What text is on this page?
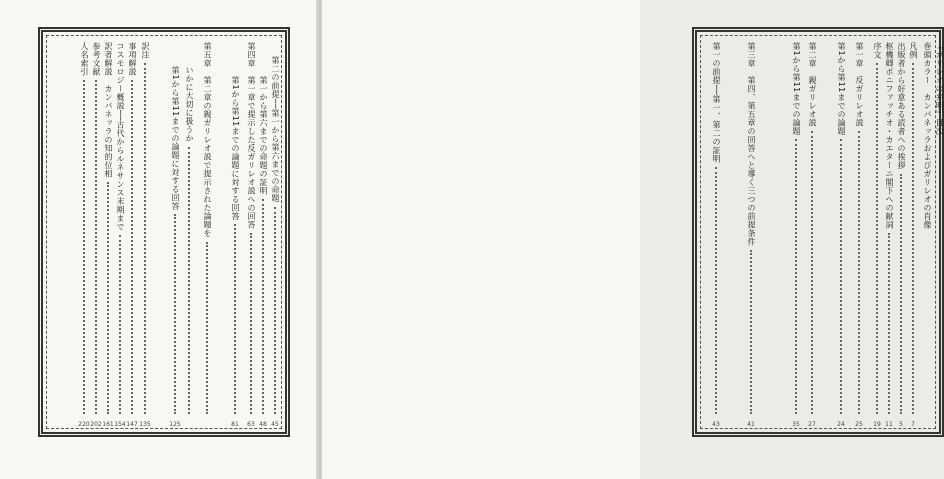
第二の前提──第一から第六までの命題
45
第一から第六までの命題の証明
48
第四章　第一章で提示した反ガリレオ説への回答
63
第1から第11までの論題に対する回答
81
第五章　第二章の親ガリレオ説で提示された論題を
いかに大切に扱うか
第1から第11までの論題に対する回答
125
訳注
135
事項解説
147
コスモロジー概説──古代からルネサンス末期まで
154
訳者解説　カンパネッラの知的位相
161
参考文献
202
人名索引
220
巻頭カラー　カンパネッラおよびガリレオの肖像
凡例
7
出版者から好意ある読者への挨拶
5
枢機卿ボニファッチオ・カエターニ閣下への献詞
11
序文
19
第一章　反ガリレオ説
25
第1から第11までの論題
24
第二章　親ガリレオ説
27
第1から第11までの論題
35
第三章　第四、第五章の回答へと導く三つの前提条件
41
第一の前提──第一、第二の証明
43
『ガリレオの弁明』目次
